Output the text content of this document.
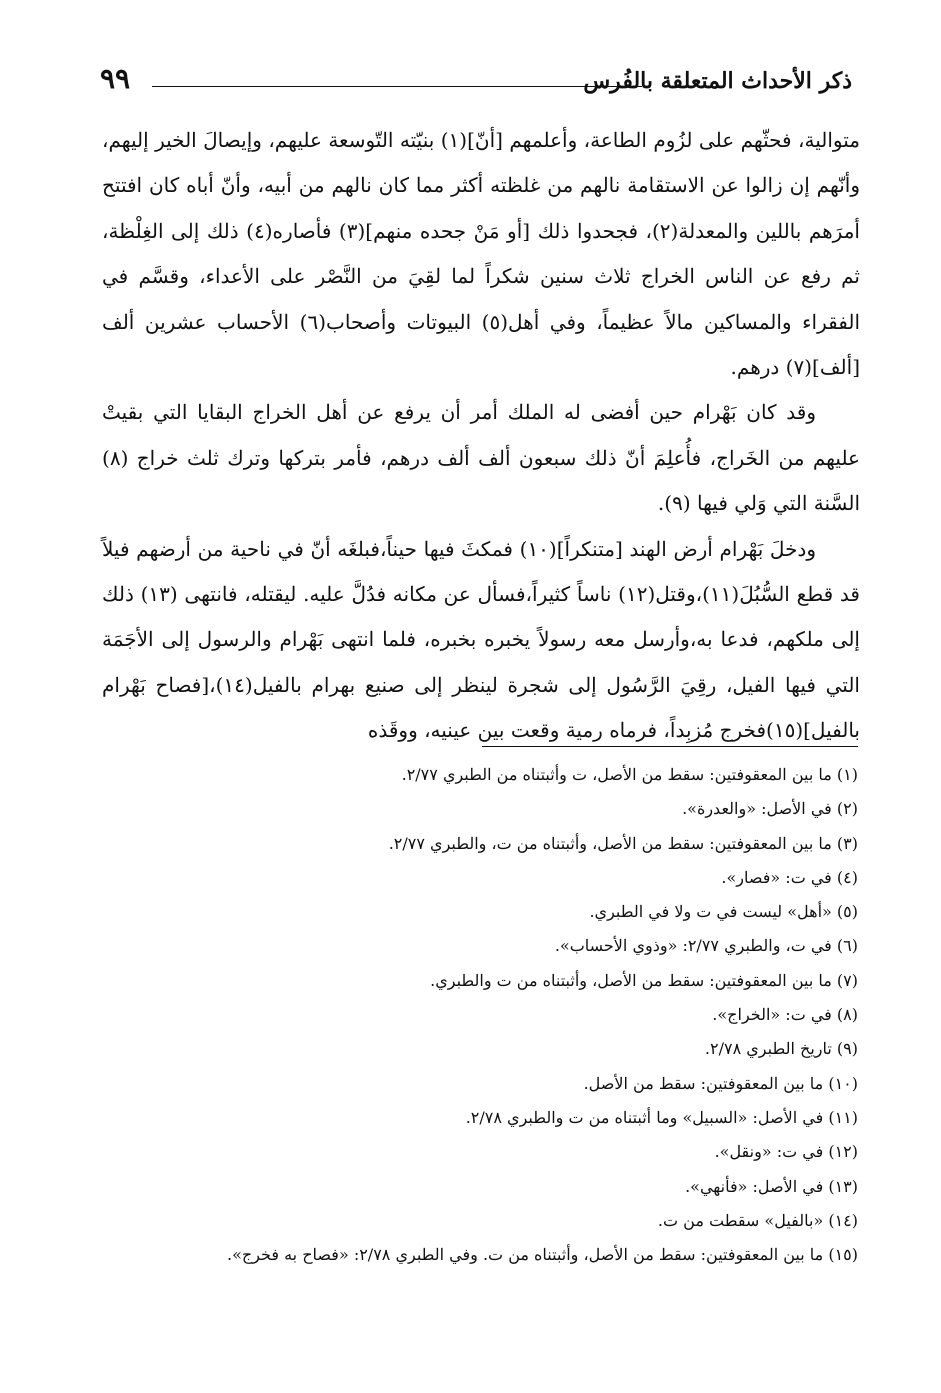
ذكر الأحداث المتعلقة بالفُرس
٩٩

متوالية، فحثّهم على لزُوم الطاعة، وأعلمهم [أنّ](١) بنيّته التّوسعة عليهم، وإيصالَ الخير إليهم، وأنّهم إن زالوا عن الاستقامة نالهم من غلظته أكثر مما كان نالهم من أبيه، وأنّ أباه كان افتتح أمرَهم باللين والمعدلة(٢)، فجحدوا ذلك [أو مَنْ جحده منهم](٣) فأصاره(٤) ذلك إلى الغِلْظة، ثم رفع عن الناس الخراج ثلاث سنين شكراً لما لقِيَ من النَّصْر على الأعداء، وقسَّم في الفقراء والمساكين مالاً عظيماً، وفي أهل(٥) البيوتات وأصحاب(٦) الأحساب عشرين ألف [ألف](٧) درهم.

وقد كان بَهْرام حين أفضى له الملك أمر أن يرفع عن أهل الخراج البقايا التي بقيتْ عليهم من الخَراج، فأُعلِمَ أنّ ذلك سبعون ألف ألف درهم، فأمر بتركها وترك ثلث خراج (٨) السَّنة التي وَلي فيها (٩).

ودخلَ بَهْرام أرض الهند [متنكراً](١٠) فمكثَ فيها حيناً،فبلغَه أنّ في ناحية من أرضهم فيلاً قد قطع السُّبُلَ(١١)،وقتل(١٢) ناساً كثيراً،فسأل عن مكانه فدُلَّ عليه. ليقتله، فانتهى (١٣) ذلك إلى ملكهم، فدعا به،وأرسل معه رسولاً يخبره بخبره، فلما انتهى بَهْرام والرسول إلى الأجَمَة التي فيها الفيل، رقِيَ الرَّسُول إلى شجرة لينظر إلى صنيع بهرام بالفيل(١٤)،[فصاح بَهْرام بالفيل](١٥)فخرج مُزبِداً، فرماه رمية وقعت بين عينيه، ووقَذه

(١) ما بين المعقوفتين: سقط من الأصل، ت وأثبتناه من الطبري ٢/٧٧.

(٢) في الأصل: «والعدرة».

(٣) ما بين المعقوفتين: سقط من الأصل، وأثبتناه من ت، والطبري ٢/٧٧.

(٤) في ت: «فصار».

(٥) «أهل» ليست في ت ولا في الطبري.

(٦) في ت، والطبري ٢/٧٧: «وذوي الأحساب».

(٧) ما بين المعقوفتين: سقط من الأصل، وأثبتناه من ت والطبري.

(٨) في ت: «الخراج».

(٩) تاريخ الطبري ٢/٧٨.

(١٠) ما بين المعقوفتين: سقط من الأصل.

(١١) في الأصل: «السبيل» وما أثبتناه من ت والطبري ٢/٧٨.

(١٢) في ت: «ونقل».

(١٣) في الأصل: «فأنهي».

(١٤) «بالفيل» سقطت من ت.

(١٥) ما بين المعقوفتين: سقط من الأصل، وأثبتناه من ت. وفي الطبري ٢/٧٨: «فصاح به فخرج».
